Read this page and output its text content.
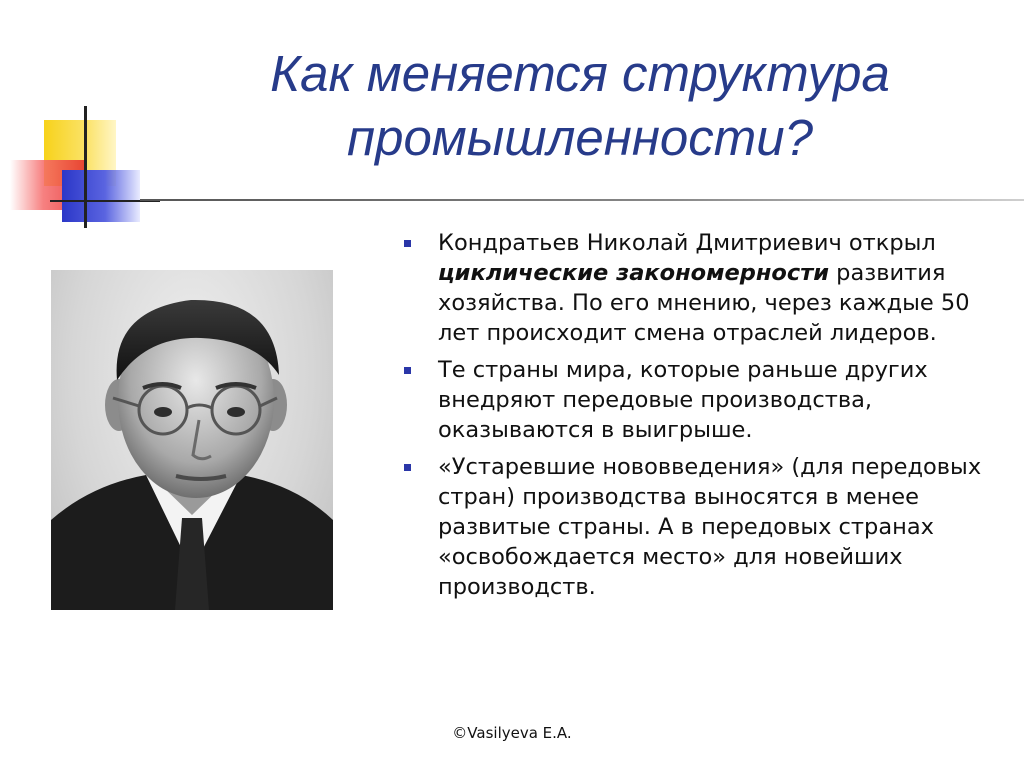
Как меняется структура
промышленности?
Кондратьев Николай Дмитриевич открыл циклические закономерности развития хозяйства. По его мнению, через каждые 50 лет происходит смена отраслей лидеров.
Те страны мира, которые раньше других внедряют передовые производства, оказываются в выигрыше.
«Устаревшие нововведения» (для передовых стран) производства выносятся в менее развитые страны. А в передовых странах «освобождается место» для новейших производств.
©Vasilyeva E.A.
